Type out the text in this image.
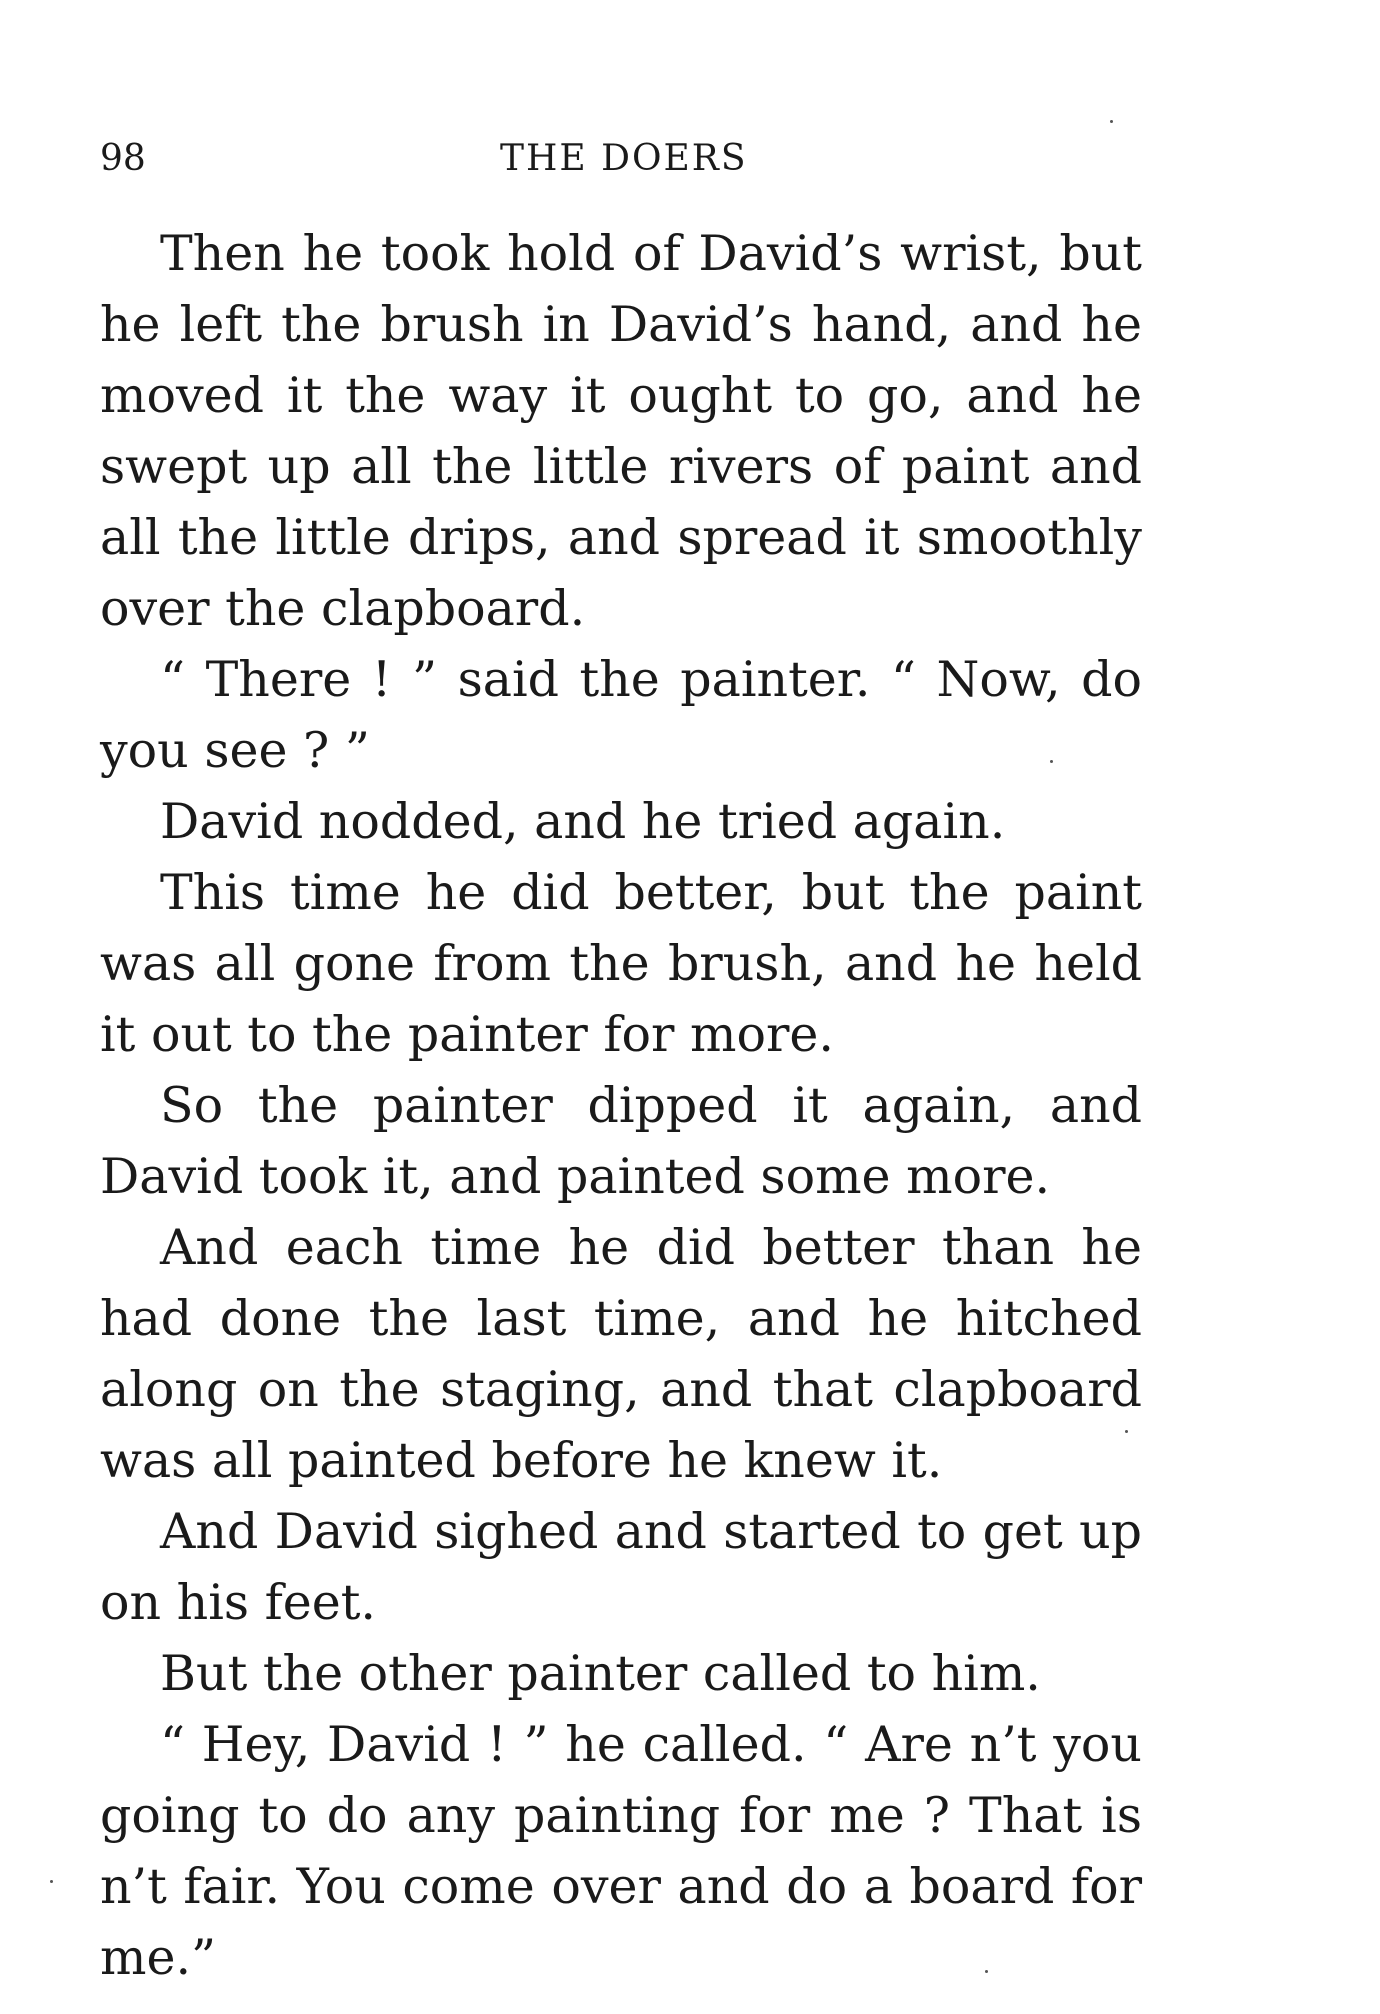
98	THE DOERS

Then he took hold of David’s wrist, but he left the brush in David’s hand, and he moved it the way it ought to go, and he swept up all the little rivers of paint and all the little drips, and spread it smoothly over the clapboard.

“ There ! ” said the painter. “ Now, do you see ? ”

David nodded, and he tried again.

This time he did better, but the paint was all gone from the brush, and he held it out to the painter for more.

So the painter dipped it again, and David took it, and painted some more.

And each time he did better than he had done the last time, and he hitched along on the staging, and that clapboard was all painted before he knew it.

And David sighed and started to get up on his feet.

But the other painter called to him.

“ Hey, David ! ” he called. “ Are n’t you going to do any painting for me ? That is n’t fair. You come over and do a board for me.”
